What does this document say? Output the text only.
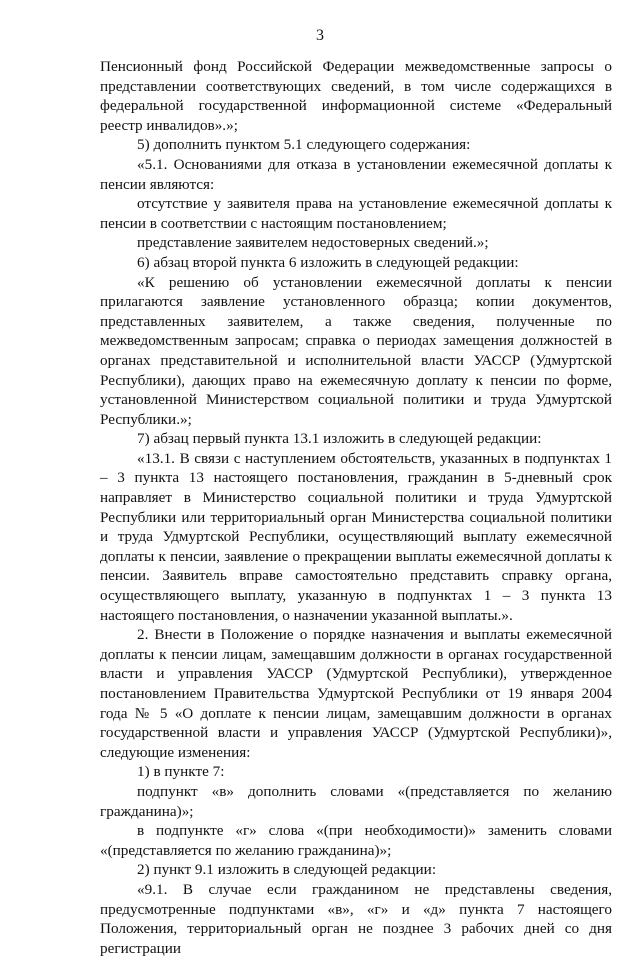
3

Пенсионный фонд Российской Федерации межведомственные запросы о представлении соответствующих сведений, в том числе содержащихся в федеральной государственной информационной системе «Федеральный реестр инвалидов».»;

5) дополнить пунктом 5.1 следующего содержания:

«5.1. Основаниями для отказа в установлении ежемесячной доплаты к пенсии являются:

отсутствие у заявителя права на установление ежемесячной доплаты к пенсии в соответствии с настоящим постановлением;

представление заявителем недостоверных сведений.»;

6) абзац второй пункта 6 изложить в следующей редакции:

«К решению об установлении ежемесячной доплаты к пенсии прилагаются заявление установленного образца; копии документов, представленных заявителем, а также сведения, полученные по межведомственным запросам; справка о периодах замещения должностей в органах представительной и исполнительной власти УАССР (Удмуртской Республики), дающих право на ежемесячную доплату к пенсии по форме, установленной Министерством социальной политики и труда Удмуртской Республики.»;

7) абзац первый пункта 13.1 изложить в следующей редакции:

«13.1. В связи с наступлением обстоятельств, указанных в подпунктах 1 – 3 пункта 13 настоящего постановления, гражданин в 5-дневный срок направляет в Министерство социальной политики и труда Удмуртской Республики или территориальный орган Министерства социальной политики и труда Удмуртской Республики, осуществляющий выплату ежемесячной доплаты к пенсии, заявление о прекращении выплаты ежемесячной доплаты к пенсии. Заявитель вправе самостоятельно представить справку органа, осуществляющего выплату, указанную в подпунктах 1 – 3 пункта 13 настоящего постановления, о назначении указанной выплаты.».

2. Внести в Положение о порядке назначения и выплаты ежемесячной доплаты к пенсии лицам, замещавшим должности в органах государственной власти и управления УАССР (Удмуртской Республики), утвержденное постановлением Правительства Удмуртской Республики от 19 января 2004 года № 5 «О доплате к пенсии лицам, замещавшим должности в органах государственной власти и управления УАССР (Удмуртской Республики)», следующие изменения:

1) в пункте 7:

подпункт «в» дополнить словами «(представляется по желанию гражданина)»;

в подпункте «г» слова «(при необходимости)» заменить словами «(представляется по желанию гражданина)»;

2) пункт 9.1 изложить в следующей редакции:

«9.1. В случае если гражданином не представлены сведения, предусмотренные подпунктами «в», «г» и «д» пункта 7 настоящего Положения, территориальный орган не позднее 3 рабочих дней со дня регистрации
